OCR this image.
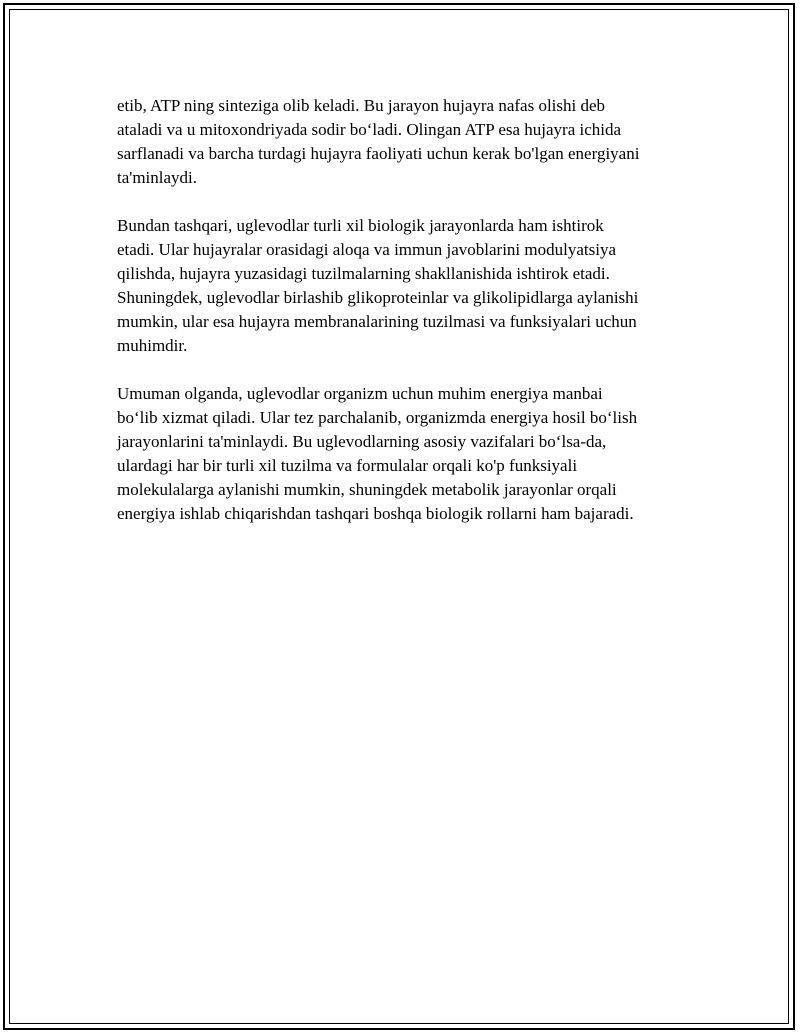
etib, ATP ning sinteziga olib keladi. Bu jarayon hujayra nafas olishi deb
ataladi va u mitoxondriyada sodir bo‘ladi. Olingan ATP esa hujayra ichida
sarflanadi va barcha turdagi hujayra faoliyati uchun kerak bo'lgan energiyani
ta'minlaydi.

Bundan tashqari, uglevodlar turli xil biologik jarayonlarda ham ishtirok
etadi. Ular hujayralar orasidagi aloqa va immun javoblarini modulyatsiya
qilishda, hujayra yuzasidagi tuzilmalarning shakllanishida ishtirok etadi.
Shuningdek, uglevodlar birlashib glikoproteinlar va glikolipidlarga aylanishi
mumkin, ular esa hujayra membranalarining tuzilmasi va funksiyalari uchun
muhimdir.

Umuman olganda, uglevodlar organizm uchun muhim energiya manbai
bo‘lib xizmat qiladi. Ular tez parchalanib, organizmda energiya hosil bo‘lish
jarayonlarini ta'minlaydi. Bu uglevodlarning asosiy vazifalari bo‘lsa-da,
ulardagi har bir turli xil tuzilma va formulalar orqali ko'p funksiyali
molekulalarga aylanishi mumkin, shuningdek metabolik jarayonlar orqali
energiya ishlab chiqarishdan tashqari boshqa biologik rollarni ham bajaradi.
